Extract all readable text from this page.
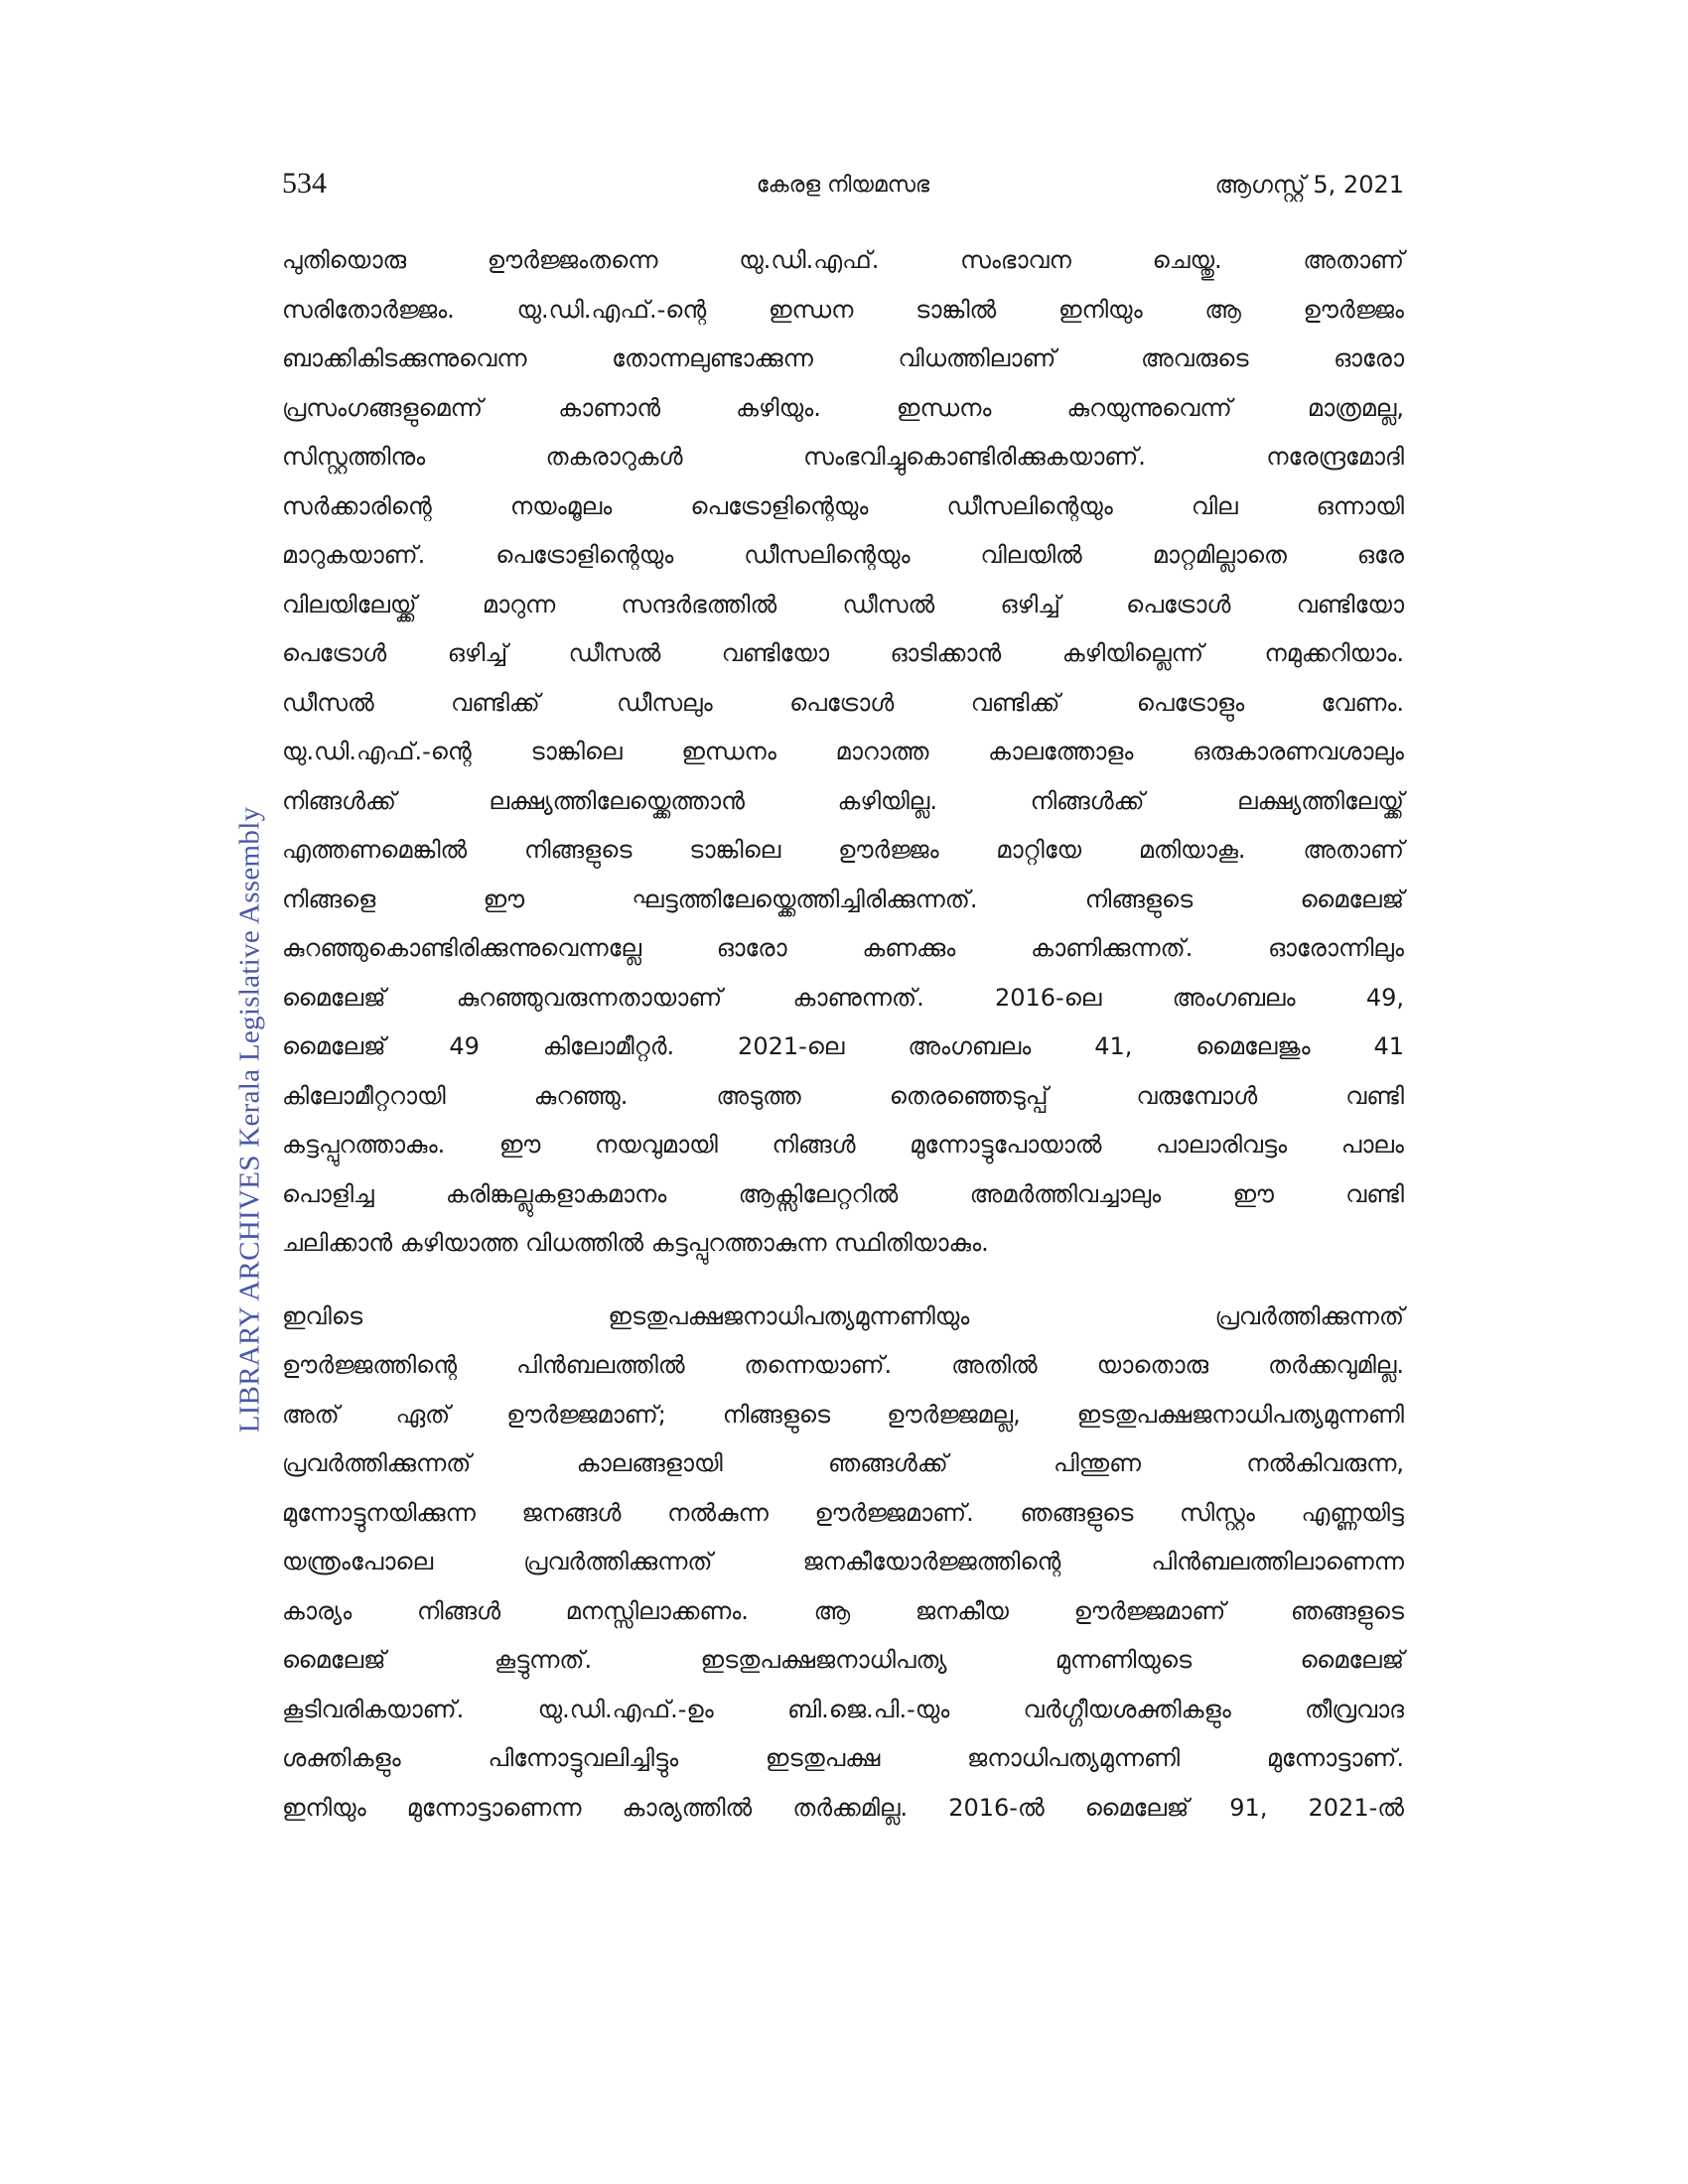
534	കേരള നിയമസഭ	ആഗസ്റ്റ് 5, 2021
LIBRARY ARCHIVES Kerala Legislative Assembly

പുതിയൊരു ഊർജ്ജംതന്നെ യു.ഡി.എഫ്. സംഭാവന ചെയ്തു. അതാണ്
സരിതോർജ്ജം. യു.ഡി.എഫ്.-ന്റെ ഇന്ധന ടാങ്കിൽ ഇനിയും ആ ഊർജ്ജം
ബാക്കികിടക്കുന്നുവെന്ന തോന്നലുണ്ടാക്കുന്ന വിധത്തിലാണ് അവരുടെ ഓരോ
പ്രസംഗങ്ങളുമെന്ന് കാണാൻ കഴിയും. ഇന്ധനം കുറയുന്നുവെന്ന് മാത്രമല്ല,
സിസ്റ്റത്തിനും തകരാറുകൾ സംഭവിച്ചുകൊണ്ടിരിക്കുകയാണ്. നരേന്ദ്രമോദി
സർക്കാരിന്റെ നയംമൂലം പെട്രോളിന്റെയും ഡീസലിന്റെയും വില ഒന്നായി
മാറുകയാണ്. പെട്രോളിന്റെയും ഡീസലിന്റെയും വിലയിൽ മാറ്റമില്ലാതെ ഒരേ
വിലയിലേയ്ക്ക് മാറുന്ന സന്ദർഭത്തിൽ ഡീസൽ ഒഴിച്ച് പെട്രോൾ വണ്ടിയോ
പെട്രോൾ ഒഴിച്ച് ഡീസൽ വണ്ടിയോ ഓടിക്കാൻ കഴിയില്ലെന്ന് നമുക്കറിയാം.
ഡീസൽ വണ്ടിക്ക് ഡീസലും പെട്രോൾ വണ്ടിക്ക് പെട്രോളും വേണം.
യു.ഡി.എഫ്.-ന്റെ ടാങ്കിലെ ഇന്ധനം മാറാത്ത കാലത്തോളം ഒരുകാരണവശാലും
നിങ്ങൾക്ക് ലക്ഷ്യത്തിലേയ്ക്കെത്താൻ കഴിയില്ല. നിങ്ങൾക്ക് ലക്ഷ്യത്തിലേയ്ക്ക്
എത്തണമെങ്കിൽ നിങ്ങളുടെ ടാങ്കിലെ ഊർജ്ജം മാറ്റിയേ മതിയാകൂ. അതാണ്
നിങ്ങളെ ഈ ഘട്ടത്തിലേയ്ക്കെത്തിച്ചിരിക്കുന്നത്. നിങ്ങളുടെ മൈലേജ്
കുറഞ്ഞുകൊണ്ടിരിക്കുന്നുവെന്നല്ലേ ഓരോ കണക്കും കാണിക്കുന്നത്. ഓരോന്നിലും
മൈലേജ് കുറഞ്ഞുവരുന്നതായാണ് കാണുന്നത്. 2016-ലെ അംഗബലം 49,
മൈലേജ് 49 കിലോമീറ്റർ. 2021-ലെ അംഗബലം 41, മൈലേജും 41
കിലോമീറ്ററായി കുറഞ്ഞു. അടുത്ത തെരഞ്ഞെടുപ്പ് വരുമ്പോൾ വണ്ടി
കട്ടപ്പുറത്താകും. ഈ നയവുമായി നിങ്ങൾ മുന്നോട്ടുപോയാൽ പാലാരിവട്ടം പാലം
പൊളിച്ച കരിങ്കല്ലുകളാകമാനം ആക്സിലേറ്ററിൽ അമർത്തിവച്ചാലും ഈ വണ്ടി
ചലിക്കാൻ കഴിയാത്ത വിധത്തിൽ കട്ടപ്പുറത്താകുന്ന സ്ഥിതിയാകും.

ഇവിടെ ഇടതുപക്ഷജനാധിപത്യമുന്നണിയും പ്രവർത്തിക്കുന്നത്
ഊർജ്ജത്തിന്റെ പിൻബലത്തിൽ തന്നെയാണ്. അതിൽ യാതൊരു തർക്കവുമില്ല.
അത് ഏത് ഊർജ്ജമാണ്; നിങ്ങളുടെ ഊർജ്ജമല്ല, ഇടതുപക്ഷജനാധിപത്യമുന്നണി
പ്രവർത്തിക്കുന്നത് കാലങ്ങളായി ഞങ്ങൾക്ക് പിന്തുണ നൽകിവരുന്ന,
മുന്നോട്ടുനയിക്കുന്ന ജനങ്ങൾ നൽകുന്ന ഊർജ്ജമാണ്. ഞങ്ങളുടെ സിസ്റ്റം എണ്ണയിട്ട
യന്ത്രംപോലെ പ്രവർത്തിക്കുന്നത് ജനകീയോർജ്ജത്തിന്റെ പിൻബലത്തിലാണെന്ന
കാര്യം നിങ്ങൾ മനസ്സിലാക്കണം. ആ ജനകീയ ഊർജ്ജമാണ് ഞങ്ങളുടെ
മൈലേജ് കൂട്ടുന്നത്. ഇടതുപക്ഷജനാധിപത്യ മുന്നണിയുടെ മൈലേജ്
കൂടിവരികയാണ്. യു.ഡി.എഫ്.-ഉം ബി.ജെ.പി.-യും വർഗ്ഗീയശക്തികളും തീവ്രവാദ
ശക്തികളും പിന്നോട്ടുവലിച്ചിട്ടും ഇടതുപക്ഷ ജനാധിപത്യമുന്നണി മുന്നോട്ടാണ്.
ഇനിയും മുന്നോട്ടാണെന്ന കാര്യത്തിൽ തർക്കമില്ല. 2016-ൽ മൈലേജ് 91, 2021-ൽ
